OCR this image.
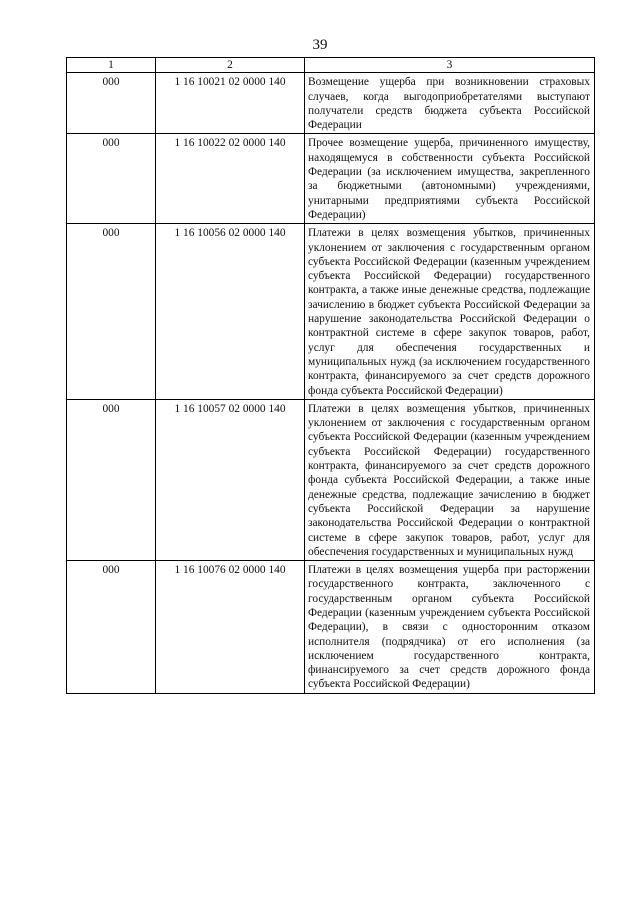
39
1	2	3
000	1 16 10021 02 0000 140	Возмещение ущерба при возникновении страховых случаев, когда выгодоприобретателями выступают получатели средств бюджета субъекта Российской Федерации
000	1 16 10022 02 0000 140	Прочее возмещение ущерба, причиненного имуществу, находящемуся в собственности субъекта Российской Федерации (за исключением имущества, закрепленного за бюджетными (автономными) учреждениями, унитарными предприятиями субъекта Российской Федерации)
000	1 16 10056 02 0000 140	Платежи в целях возмещения убытков, причиненных уклонением от заключения с государственным органом субъекта Российской Федерации (казенным учреждением субъекта Российской Федерации) государственного контракта, а также иные денежные средства, подлежащие зачислению в бюджет субъекта Российской Федерации за нарушение законодательства Российской Федерации о контрактной системе в сфере закупок товаров, работ, услуг для обеспечения государственных и муниципальных нужд (за исключением государственного контракта, финансируемого за счет средств дорожного фонда субъекта Российской Федерации)
000	1 16 10057 02 0000 140	Платежи в целях возмещения убытков, причиненных уклонением от заключения с государственным органом субъекта Российской Федерации (казенным учреждением субъекта Российской Федерации) государственного контракта, финансируемого за счет средств дорожного фонда субъекта Российской Федерации, а также иные денежные средства, подлежащие зачислению в бюджет субъекта Российской Федерации за нарушение законодательства Российской Федерации о контрактной системе в сфере закупок товаров, работ, услуг для обеспечения государственных и муниципальных нужд
000	1 16 10076 02 0000 140	Платежи в целях возмещения ущерба при расторжении государственного контракта, заключенного с государственным органом субъекта Российской Федерации (казенным учреждением субъекта Российской Федерации), в связи с односторонним отказом исполнителя (подрядчика) от его исполнения (за исключением государственного контракта, финансируемого за счет средств дорожного фонда субъекта Российской Федерации)
